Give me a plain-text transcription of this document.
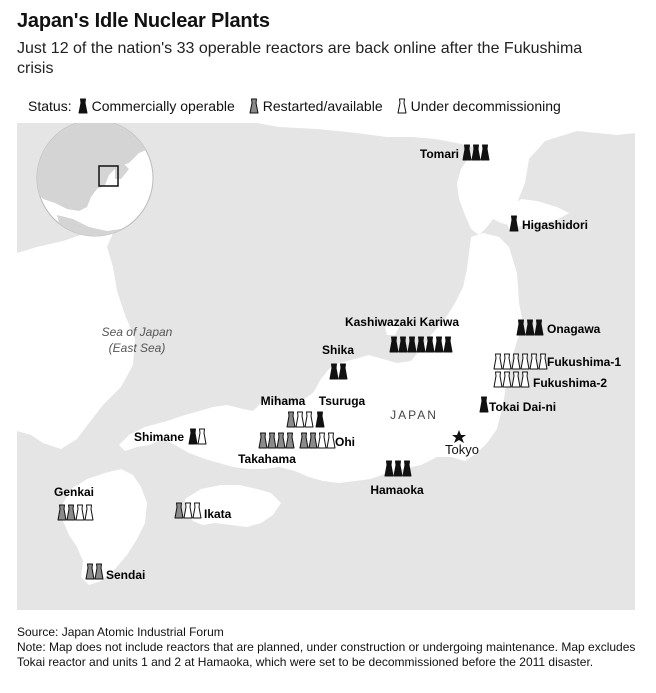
Japan's Idle Nuclear Plants
Just 12 of the nation's 33 operable reactors are back online after the Fukushima crisis
Status: Commercially operable Restarted/available Under decommissioning
Sea of Japan
(East Sea)
JAPAN
Tokyo
Tomari
Higashidori
Kashiwazaki Kariwa	Onagawa
Shika
Fukushima-1
Fukushima-2
Mihama Tsuruga	Tokai Dai-ni
Shimane
Takahama
Ohi
Hamaoka
Genkai
Ikata
Sendai
Source: Japan Atomic Industrial Forum
Note: Map does not include reactors that are planned, under construction or undergoing maintenance. Map excludes Tokai reactor and units 1 and 2 at Hamaoka, which were set to be decommissioned before the 2011 disaster.
